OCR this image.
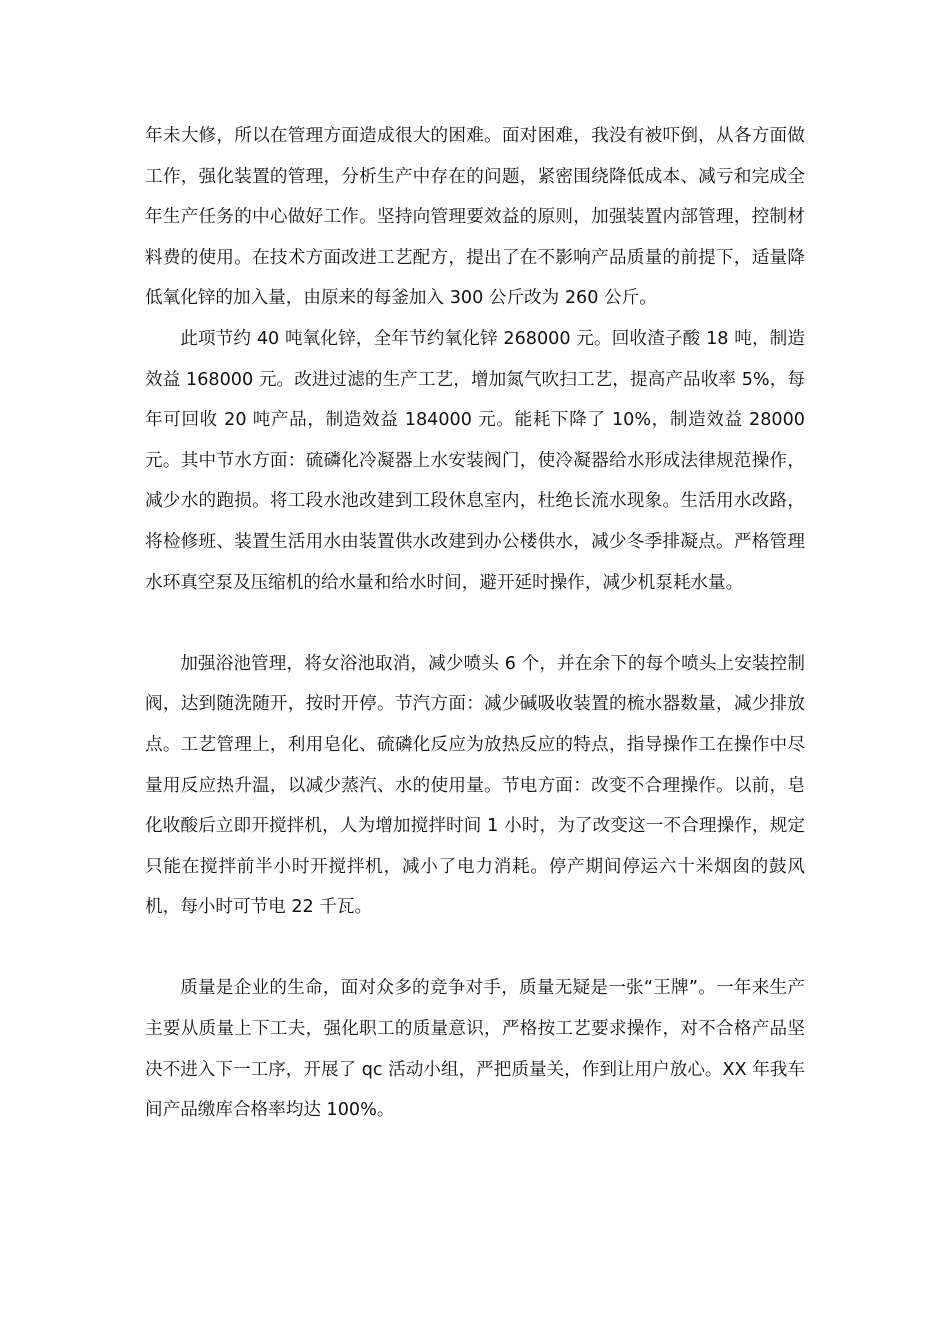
年未大修，所以在管理方面造成很大的困难。面对困难，我没有被吓倒，从各方面做工作，强化装置的管理，分析生产中存在的问题，紧密围绕降低成本、减亏和完成全年生产任务的中心做好工作。坚持向管理要效益的原则，加强装置内部管理，控制材料费的使用。在技术方面改进工艺配方，提出了在不影响产品质量的前提下，适量降低氧化锌的加入量，由原来的每釜加入 300 公斤改为 260 公斤。

此项节约 40 吨氧化锌，全年节约氧化锌 268000 元。回收渣子酸 18 吨，制造效益 168000 元。改进过滤的生产工艺，增加氮气吹扫工艺，提高产品收率 5%，每年可回收 20 吨产品，制造效益 184000 元。能耗下降了 10%，制造效益 28000 元。其中节水方面：硫磷化冷凝器上水安装阀门，使冷凝器给水形成法律规范操作，减少水的跑损。将工段水池改建到工段休息室内，杜绝长流水现象。生活用水改路，将检修班、装置生活用水由装置供水改建到办公楼供水，减少冬季排凝点。严格管理水环真空泵及压缩机的给水量和给水时间，避开延时操作，减少机泵耗水量。

加强浴池管理，将女浴池取消，减少喷头 6 个，并在余下的每个喷头上安装控制阀，达到随洗随开，按时开停。节汽方面：减少碱吸收装置的梳水器数量，减少排放点。工艺管理上，利用皂化、硫磷化反应为放热反应的特点，指导操作工在操作中尽量用反应热升温，以减少蒸汽、水的使用量。节电方面：改变不合理操作。以前，皂化收酸后立即开搅拌机，人为增加搅拌时间 1 小时，为了改变这一不合理操作，规定只能在搅拌前半小时开搅拌机，减小了电力消耗。停产期间停运六十米烟囱的鼓风机，每小时可节电 22 千瓦。

质量是企业的生命，面对众多的竞争对手，质量无疑是一张“王牌”。一年来生产主要从质量上下工夫，强化职工的质量意识，严格按工艺要求操作，对不合格产品坚决不进入下一工序，开展了 qc 活动小组，严把质量关，作到让用户放心。XX 年我车间产品缴库合格率均达 100%。
